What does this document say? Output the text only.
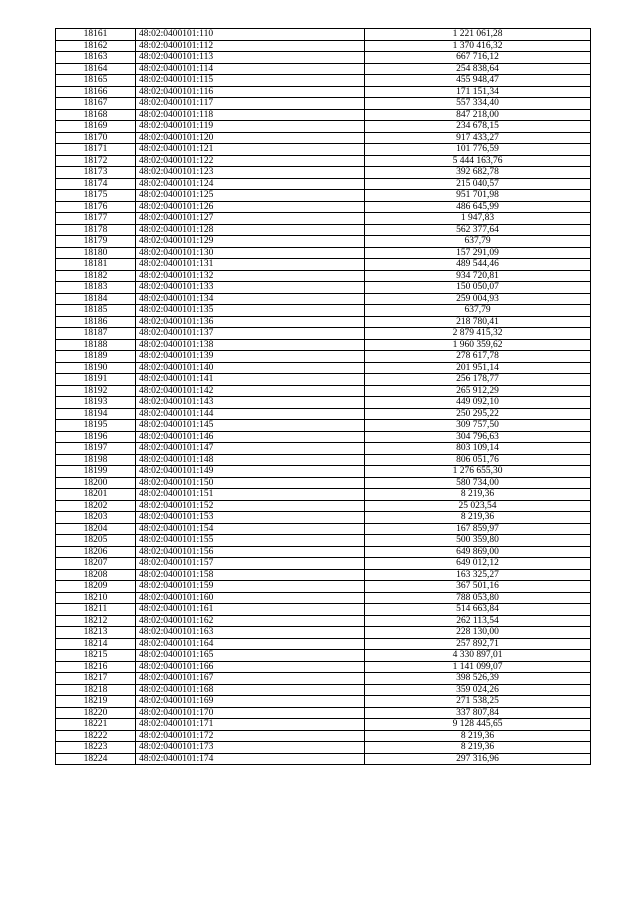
18161	48:02:0400101:110	1 221 061,28
18162	48:02:0400101:112	1 370 416,32
18163	48:02:0400101:113	667 716,12
18164	48:02:0400101:114	254 838,64
18165	48:02:0400101:115	455 948,47
18166	48:02:0400101:116	171 151,34
18167	48:02:0400101:117	557 334,40
18168	48:02:0400101:118	847 218,00
18169	48:02:0400101:119	234 678,15
18170	48:02:0400101:120	917 433,27
18171	48:02:0400101:121	101 776,59
18172	48:02:0400101:122	5 444 163,76
18173	48:02:0400101:123	392 682,78
18174	48:02:0400101:124	215 040,57
18175	48:02:0400101:125	951 701,98
18176	48:02:0400101:126	486 645,99
18177	48:02:0400101:127	1 947,83
18178	48:02:0400101:128	562 377,64
18179	48:02:0400101:129	637,79
18180	48:02:0400101:130	157 291,09
18181	48:02:0400101:131	489 544,46
18182	48:02:0400101:132	934 720,81
18183	48:02:0400101:133	150 050,07
18184	48:02:0400101:134	259 004,93
18185	48:02:0400101:135	637,79
18186	48:02:0400101:136	218 780,41
18187	48:02:0400101:137	2 879 415,32
18188	48:02:0400101:138	1 960 359,62
18189	48:02:0400101:139	278 617,78
18190	48:02:0400101:140	201 951,14
18191	48:02:0400101:141	256 178,77
18192	48:02:0400101:142	265 912,29
18193	48:02:0400101:143	449 092,10
18194	48:02:0400101:144	250 295,22
18195	48:02:0400101:145	309 757,50
18196	48:02:0400101:146	304 796,63
18197	48:02:0400101:147	803 109,14
18198	48:02:0400101:148	806 051,76
18199	48:02:0400101:149	1 276 655,30
18200	48:02:0400101:150	580 734,00
18201	48:02:0400101:151	8 219,36
18202	48:02:0400101:152	25 023,54
18203	48:02:0400101:153	8 219,36
18204	48:02:0400101:154	167 859,97
18205	48:02:0400101:155	500 359,80
18206	48:02:0400101:156	649 869,00
18207	48:02:0400101:157	649 012,12
18208	48:02:0400101:158	163 325,27
18209	48:02:0400101:159	367 501,16
18210	48:02:0400101:160	788 053,80
18211	48:02:0400101:161	514 663,84
18212	48:02:0400101:162	262 113,54
18213	48:02:0400101:163	228 130,00
18214	48:02:0400101:164	257 892,71
18215	48:02:0400101:165	4 330 897,01
18216	48:02:0400101:166	1 141 099,07
18217	48:02:0400101:167	398 526,39
18218	48:02:0400101:168	359 024,26
18219	48:02:0400101:169	271 538,25
18220	48:02:0400101:170	337 807,84
18221	48:02:0400101:171	9 128 445,65
18222	48:02:0400101:172	8 219,36
18223	48:02:0400101:173	8 219,36
18224	48:02:0400101:174	297 316,96
